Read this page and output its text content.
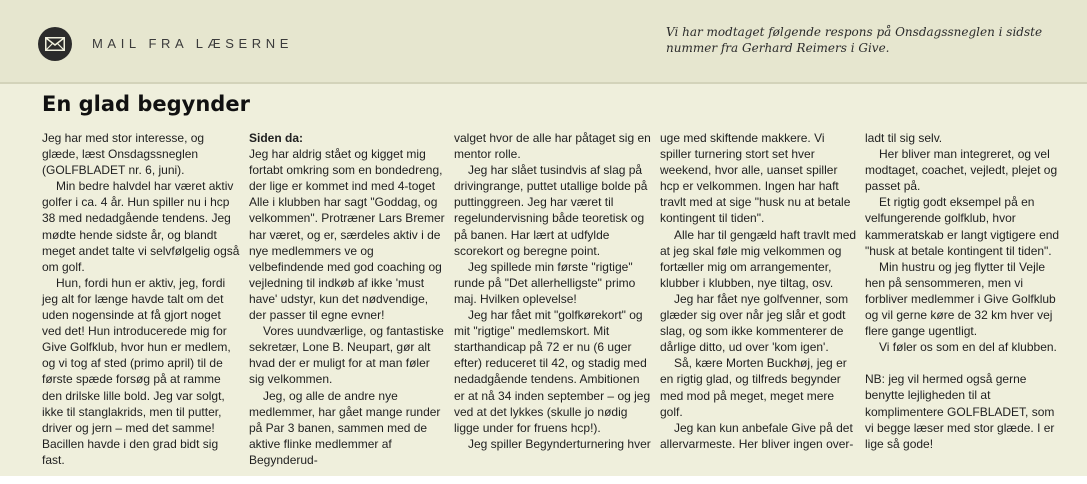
MAIL FRA LÆSERNE
Vi har modtaget følgende respons på Onsdagssneglen i sidste
nummer fra Gerhard Reimers i Give.
En glad begynder

Jeg har med stor interesse, og glæde, læst Onsdagssneglen (GOLFBLADET nr. 6, juni).

Min bedre halvdel har været aktiv golfer i ca. 4 år. Hun spiller nu i hcp 38 med nedadgående tendens. Jeg mødte hende sidste år, og blandt meget andet talte vi selvfølgelig også om golf.

Hun, fordi hun er aktiv, jeg, fordi jeg alt for længe havde talt om det uden nogensinde at få gjort noget ved det! Hun introducerede mig for Give Golfklub, hvor hun er medlem, og vi tog af sted (primo april) til de første spæde forsøg på at ramme den drilske lille bold. Jeg var solgt, ikke til stanglakrids, men til putter, driver og jern – med det samme! Bacillen havde i den grad bidt sig fast.

Siden da:

Jeg har aldrig stået og kigget mig fortabt omkring som en bondedreng, der lige er kommet ind med 4-toget Alle i klubben har sagt "Goddag, og velkommen". Protræner Lars Bremer har været, og er, særdeles aktiv i de nye medlemmers ve og velbefindende med god coaching og vejledning til indkøb af ikke 'must have' udstyr, kun det nødvendige, der passer til egne evner!

Vores uundværlige, og fantastiske sekretær, Lone B. Neupart, gør alt hvad der er muligt for at man føler sig velkommen.

Jeg, og alle de andre nye medlemmer, har gået mange runder på Par 3 banen, sammen med de aktive flinke medlemmer af Begynderud-

valget hvor de alle har påtaget sig en mentor rolle.

Jeg har slået tusindvis af slag på drivingrange, puttet utallige bolde på puttinggreen. Jeg har været til regelundervisning både teoretisk og på banen. Har lært at udfylde scorekort og beregne point.

Jeg spillede min første "rigtige" runde på "Det allerhelligste" primo maj. Hvilken oplevelse!

Jeg har fået mit "golfkørekort" og mit "rigtige" medlemskort. Mit starthandicap på 72 er nu (6 uger efter) reduceret til 42, og stadig med nedadgående tendens. Ambitionen er at nå 34 inden september – og jeg ved at det lykkes (skulle jo nødig ligge under for fruens hcp!).

Jeg spiller Begynderturnering hver

uge med skiftende makkere. Vi spiller turnering stort set hver weekend, hvor alle, uanset spiller hcp er velkommen. Ingen har haft travlt med at sige "husk nu at betale kontingent til tiden".

Alle har til gengæld haft travlt med at jeg skal føle mig velkommen og fortæller mig om arrangementer, klubber i klubben, nye tiltag, osv.

Jeg har fået nye golfvenner, som glæder sig over når jeg slår et godt slag, og som ikke kommenterer de dårlige ditto, ud over 'kom igen'.

Så, kære Morten Buckhøj, jeg er en rigtig glad, og tilfreds begynder med mod på meget, meget mere golf.

Jeg kan kun anbefale Give på det allervarmeste. Her bliver ingen over-

ladt til sig selv.

Her bliver man integreret, og vel modtaget, coachet, vejledt, plejet og passet på.

Et rigtig godt eksempel på en velfungerende golfklub, hvor kammeratskab er langt vigtigere end "husk at betale kontingent til tiden".

Min hustru og jeg flytter til Vejle hen på sensommeren, men vi forbliver medlemmer i Give Golfklub og vil gerne køre de 32 km hver vej flere gange ugentligt.

Vi føler os som en del af klubben.

NB: jeg vil hermed også gerne benytte lejligheden til at komplimentere GOLFBLADET, som vi begge læser med stor glæde. I er lige så gode!
